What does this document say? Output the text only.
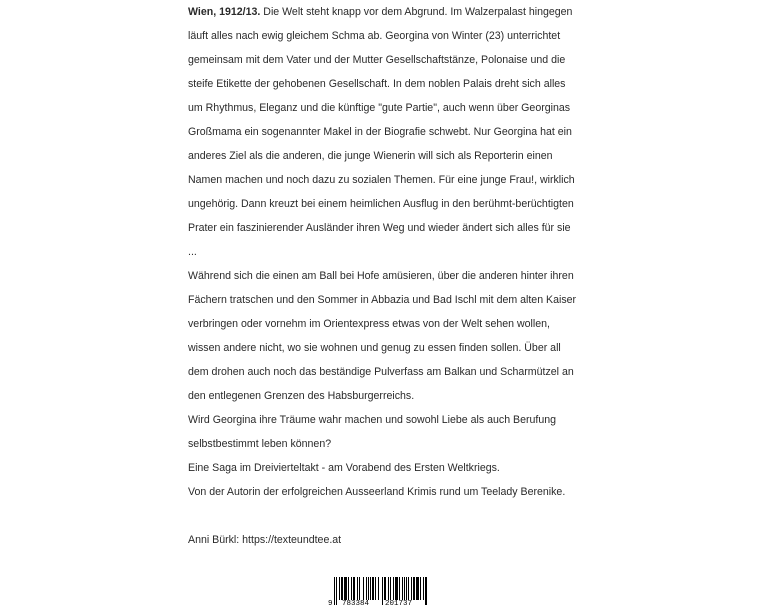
Wien, 1912/13. Die Welt steht knapp vor dem Abgrund. Im Walzerpalast hingegen läuft alles nach ewig gleichem Schma ab. Georgina von Winter (23) unterrichtet gemeinsam mit dem Vater und der Mutter Gesellschaftstänze, Polonaise und die steife Etikette der gehobenen Gesellschaft. In dem noblen Palais dreht sich alles um Rhythmus, Eleganz und die künftige "gute Partie", auch wenn über Georginas Großmama ein sogenannter Makel in der Biografie schwebt. Nur Georgina hat ein anderes Ziel als die anderen, die junge Wienerin will sich als Reporterin einen Namen machen und noch dazu zu sozialen Themen. Für eine junge Frau!, wirklich ungehörig. Dann kreuzt bei einem heimlichen Ausflug in den berühmt-berüchtigten Prater ein faszinierender Ausländer ihren Weg und wieder ändert sich alles für sie ...

Während sich die einen am Ball bei Hofe amüsieren, über die anderen hinter ihren Fächern tratschen und den Sommer in Abbazia und Bad Ischl mit dem alten Kaiser verbringen oder vornehm im Orientexpress etwas von der Welt sehen wollen, wissen andere nicht, wo sie wohnen und genug zu essen finden sollen. Über all dem drohen auch noch das beständige Pulverfass am Balkan und Scharmützel an den entlegenen Grenzen des Habsburgerreichs.

Wird Georgina ihre Träume wahr machen und sowohl Liebe als auch Berufung selbstbestimmt leben können?

Eine Saga im Dreivierteltakt - am Vorabend des Ersten Weltkriegs.

Von der Autorin der erfolgreichen Ausseerland Krimis rund um Teelady Berenike.

Anni Bürkl: https://texteundtee.at

9 783384 201737
